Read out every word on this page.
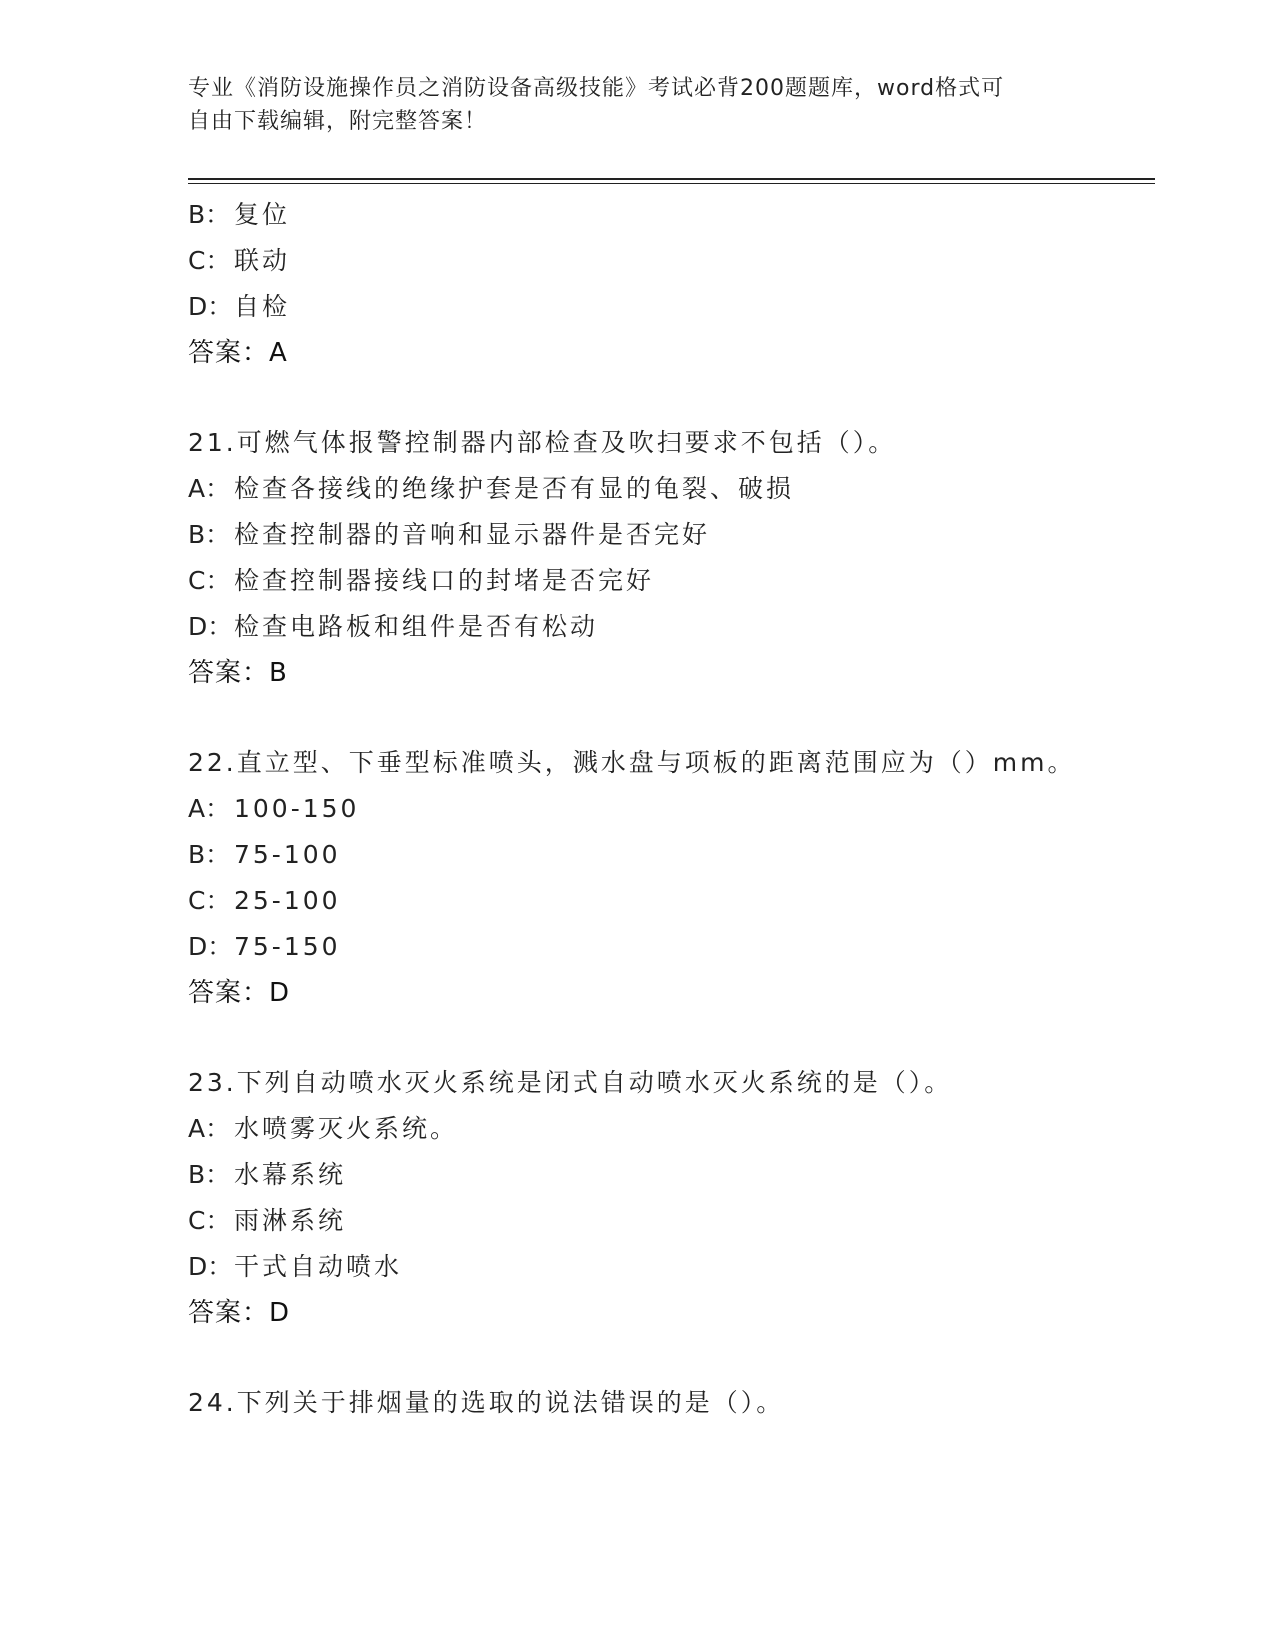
专业《消防设施操作员之消防设备高级技能》考试必背200题题库，word格式可
自由下载编辑，附完整答案！
B： 复位
C： 联动
D：自检
答案：A
21.可燃气体报警控制器内部检查及吹扫要求不包括（）。
A： 检查各接线的绝缘护套是否有显的龟裂、破损
B： 检查控制器的音响和显示器件是否完好
C： 检查控制器接线口的封堵是否完好
D：检查电路板和组件是否有松动
答案：B
22.直立型、下垂型标准喷头，溅水盘与项板的距离范围应为（）mm。
A： 100-150
B： 75-100
C： 25-100
D：75-150
答案：D
23.下列自动喷水灭火系统是闭式自动喷水灭火系统的是（）。
A： 水喷雾灭火系统。
B： 水幕系统
C： 雨淋系统
D：干式自动喷水
答案：D
24.下列关于排烟量的选取的说法错误的是（）。
